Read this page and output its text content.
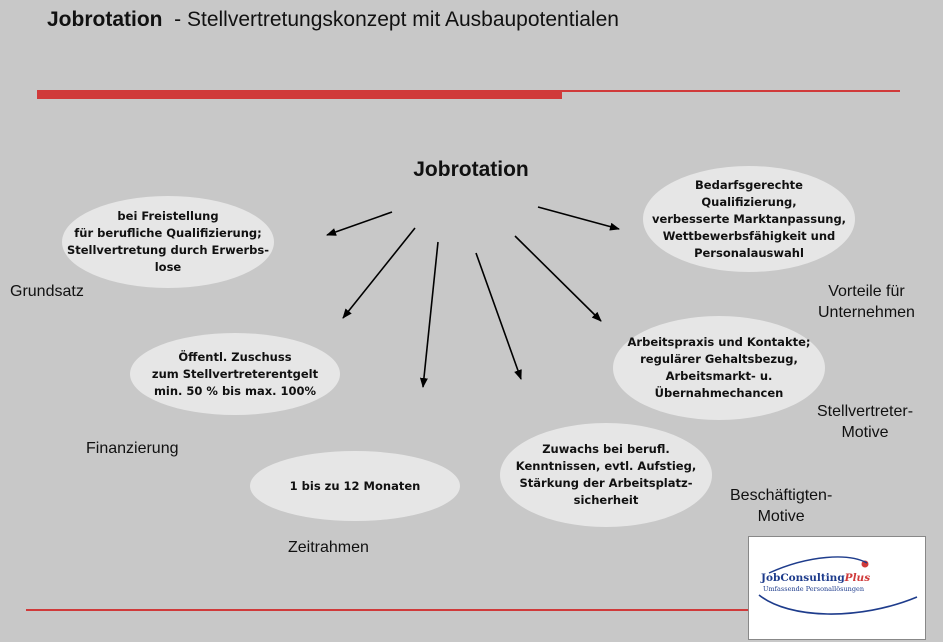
Jobrotation  - Stellvertretungskonzept mit Ausbaupotentialen
Jobrotation
bei Freistellung
für berufliche Qualifizierung;
Stellvertretung durch Erwerbs-
lose
Öffentl. Zuschuss
zum Stellvertreterentgelt
min. 50 % bis max. 100%
1 bis zu 12 Monaten
Zuwachs bei berufl.
Kenntnissen, evtl. Aufstieg,
Stärkung der Arbeitsplatz-
sicherheit
Arbeitspraxis und Kontakte;
regulärer Gehaltsbezug,
Arbeitsmarkt- u.
Übernahmechancen
Bedarfsgerechte
Qualifizierung,
verbesserte Marktanpassung,
Wettbewerbsfähigkeit und
Personalauswahl
Grundsatz
Finanzierung
Zeitrahmen
Beschäftigten-
Motive
Stellvertreter-
Motive
Vorteile für
Unternehmen
JobConsultingPlus
Umfassende Personallösungen
